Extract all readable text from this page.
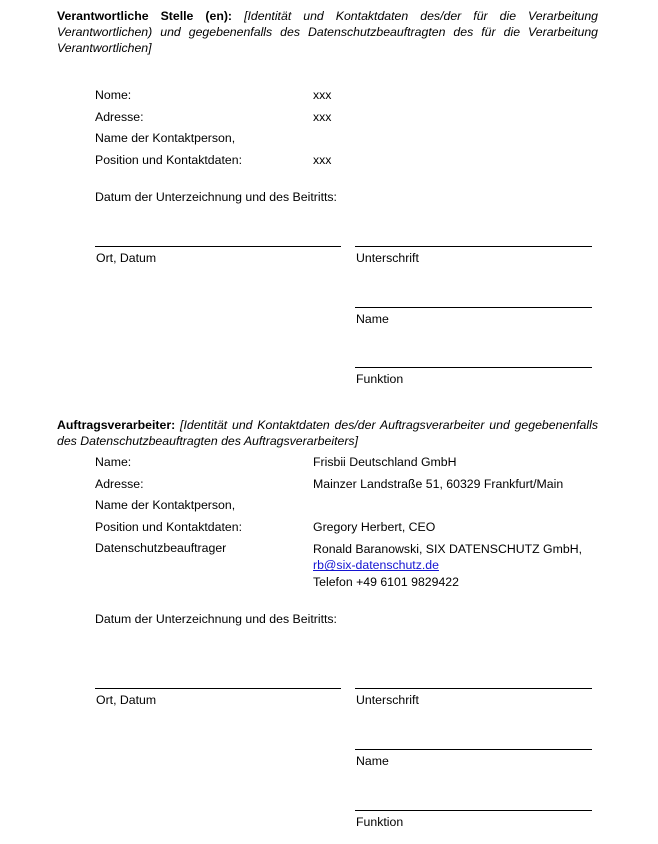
Verantwortliche Stelle (en): [Identität und Kontaktdaten des/der für die Verarbeitung Verantwortlichen) und gegebenenfalls des Datenschutzbeauftragten des für die Verarbeitung Verantwortlichen]
Nome:	xxx
Adresse:	xxx
Name der Kontaktperson,
Position und Kontaktdaten:	xxx
Datum der Unterzeichnung und des Beitritts:
Ort, Datum	Unterschrift
Name
Funktion
Auftragsverarbeiter: [Identität und Kontaktdaten des/der Auftragsverarbeiter und gegebenenfalls des Datenschutzbeauftragten des Auftragsverarbeiters]
Name:	Frisbii Deutschland GmbH
Adresse:	Mainzer Landstraße 51, 60329 Frankfurt/Main
Name der Kontaktperson,
Position und Kontaktdaten:	Gregory Herbert, CEO
Datenschutzbeauftrager	Ronald Baranowski, SIX DATENSCHUTZ GmbH, rb@six-datenschutz.de
Telefon +49 6101 9829422
Datum der Unterzeichnung und des Beitritts:
Ort, Datum	Unterschrift
Name
Funktion
